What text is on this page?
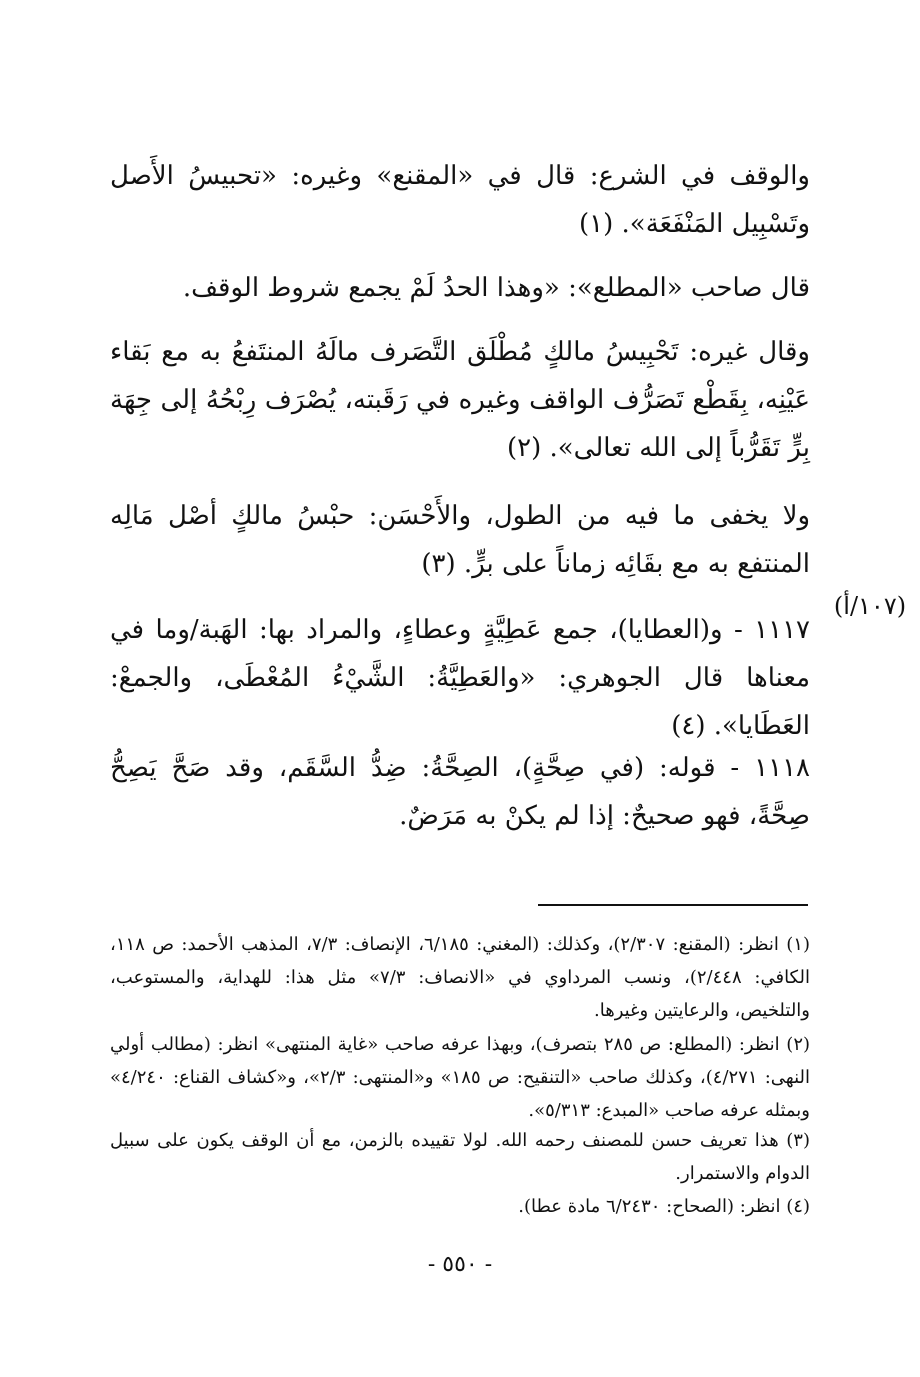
والوقف في الشرع: قال في «المقنع» وغيره: «تحبيسُ الأَصل وتَسْبِيل المَنْفَعَة». (١)

قال صاحب «المطلع»: «وهذا الحدُ لَمْ يجمع شروط الوقف.

وقال غيره: تَحْبِيسُ مالكٍ مُطْلَق التَّصَرف مالَهُ المنتَفعُ به مع بَقاء عَيْنِه، بِقَطْع تَصَرُّف الواقف وغيره في رَقَبته، يُصْرَف رِبْحُهُ إلى جِهَة بِرٍّ تَقَرُّباً إلى الله تعالى». (٢)

ولا يخفى ما فيه من الطول، والأَحْسَن: حبْسُ مالكٍ أصْل مَالِه المنتفع به مع بقَائِه زماناً على برٍّ. (٣)

(١٠٧/أ)

١١١٧ - و(العطايا)، جمع عَطِيَّةٍ وعطاءٍ، والمراد بها: الهَبة/وما في معناها قال الجوهري: «والعَطِيَّةُ: الشَّيْءُ المُعْطَى، والجمعْ: العَطَايا». (٤)

١١١٨ - قوله: (في صِحَّةٍ)، الصِحَّةُ: ضِدُّ السَّقَم، وقد صَحَّ يَصِحُّ صِحَّةً، فهو صحيحٌ: إذا لم يكنْ به مَرَضٌ.

(١) انظر: (المقنع: ٢/٣٠٧)، وكذلك: (المغني: ٦/١٨٥، الإنصاف: ٧/٣، المذهب الأحمد: ص ١١٨، الكافي: ٢/٤٤٨)، ونسب المرداوي في «الانصاف: ٧/٣» مثل هذا: للهداية، والمستوعب، والتلخيص، والرعايتين وغيرها.

(٢) انظر: (المطلع: ص ٢٨٥ بتصرف)، وبهذا عرفه صاحب «غاية المنتهى» انظر: (مطالب أولي النهى: ٤/٢٧١)، وكذلك صاحب «التنقيح: ص ١٨٥» و«المنتهى: ٢/٣»، و«كشاف القناع: ٤/٢٤٠» وبمثله عرفه صاحب «المبدع: ٥/٣١٣».

(٣) هذا تعريف حسن للمصنف رحمه الله. لولا تقييده بالزمن، مع أن الوقف يكون على سبيل الدوام والاستمرار.

(٤) انظر: (الصحاح: ٦/٢٤٣٠ مادة عطا).

- ٥٥٠ -
